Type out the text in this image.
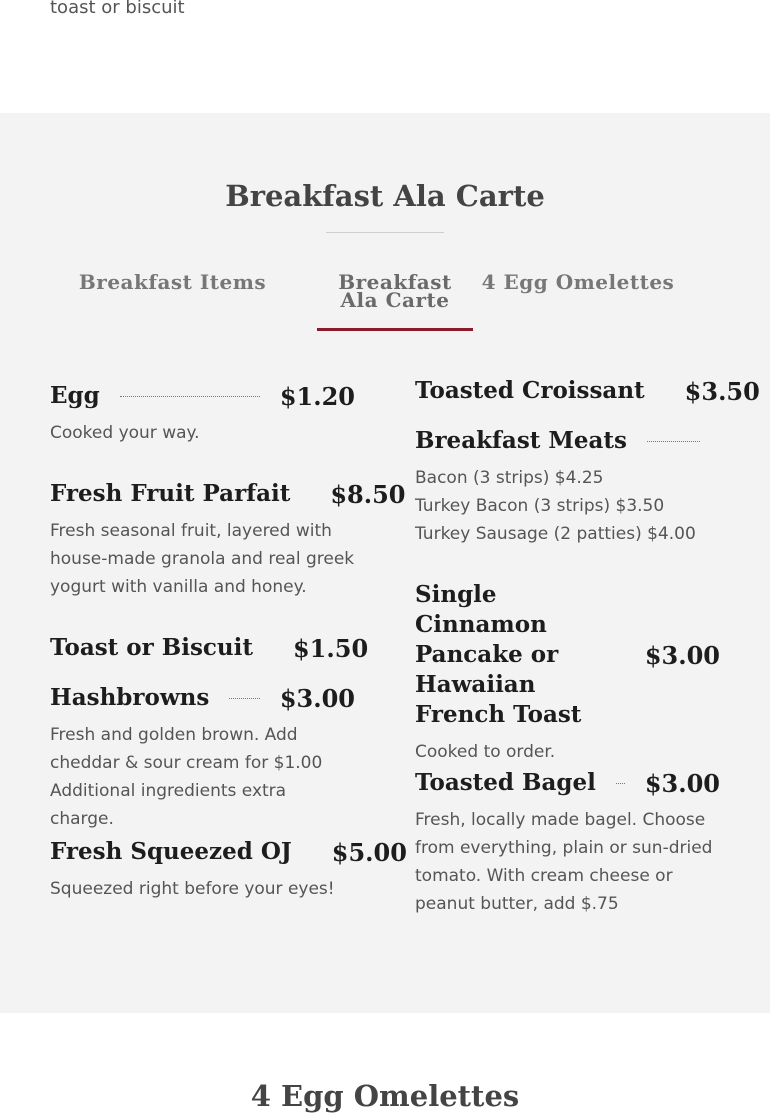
toast or biscuit
Breakfast Ala Carte
Breakfast Items	Breakfast
Ala Carte
4 Egg Omelettes
Egg	$1.20
Cooked your way.
Fresh Fruit Parfait $8.50
Fresh seasonal fruit, layered with house-made granola and real greek yogurt with vanilla and honey.
Toast or Biscuit $1.50
Hashbrowns	$3.00
Fresh and golden brown. Add cheddar & sour cream for $1.00
Additional ingredients extra charge.
Fresh Squeezed OJ $5.00
Squeezed right before your eyes!
Toasted Croissant $3.50
Breakfast Meats
Bacon (3 strips) $4.25
Turkey Bacon (3 strips) $3.50
Turkey Sausage (2 patties) $4.00
Single Cinnamon Pancake or Hawaiian French Toast
$3.00
Cooked to order.
Toasted Bagel $3.00
Fresh, locally made bagel. Choose from everything, plain or sun-dried tomato. With cream cheese or peanut butter, add $.75
4 Egg Omelettes
